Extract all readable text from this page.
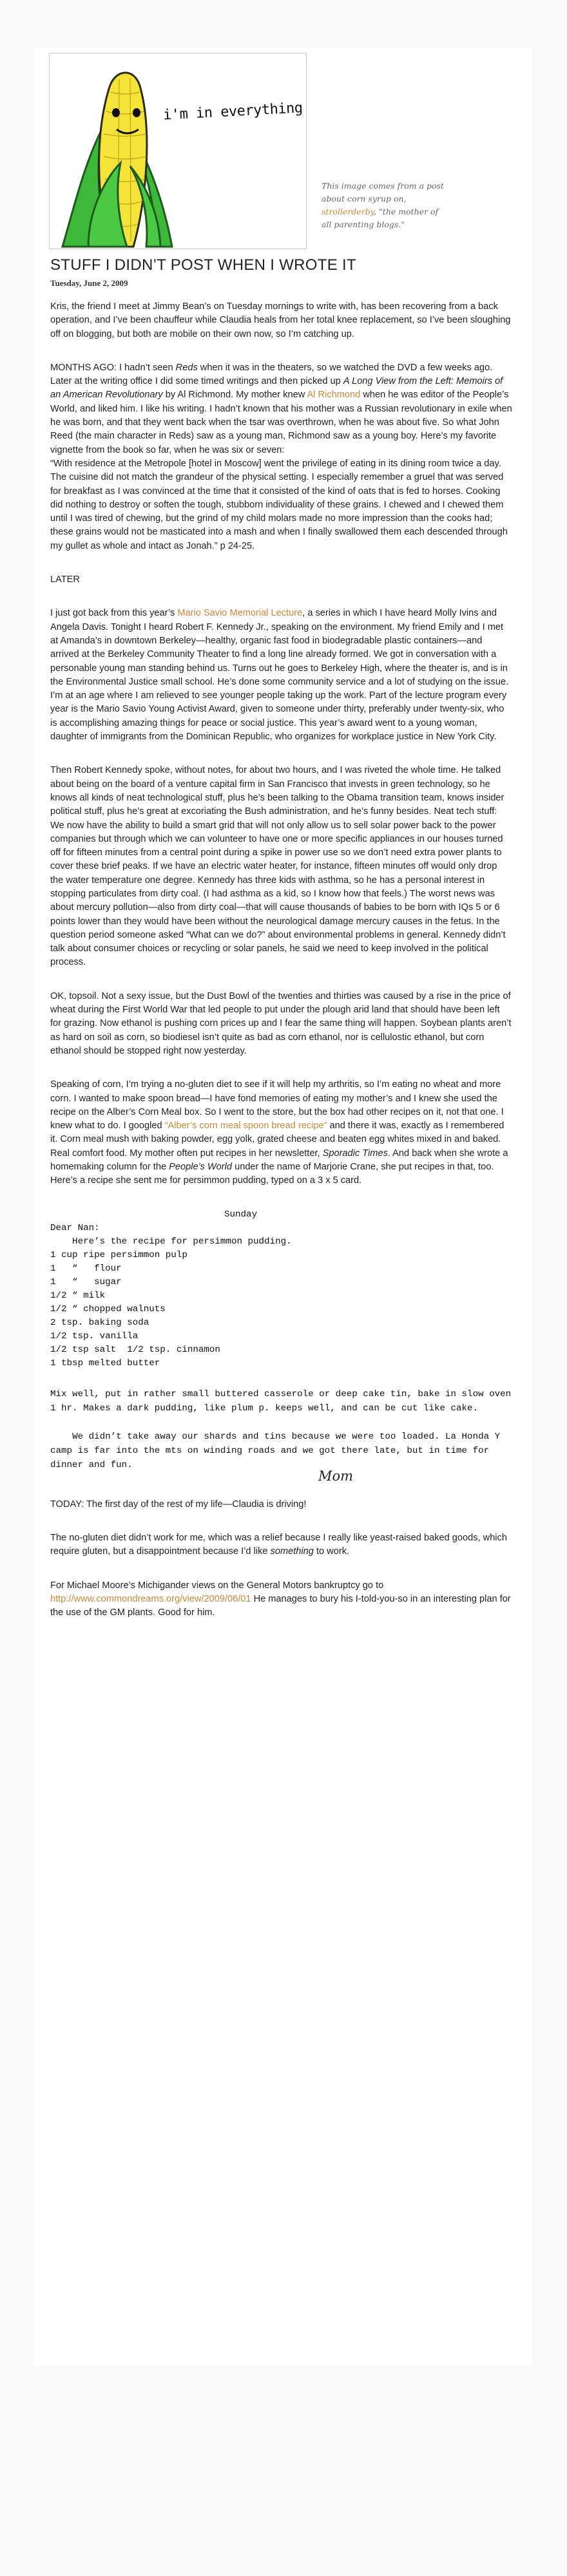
i'm in everything
This image comes from a post about corn syrup on, strollerderby, "the mother of all parenting blogs."
STUFF I DIDN’T POST WHEN I WROTE IT
Tuesday, June 2, 2009

Kris, the friend I meet at Jimmy Bean’s on Tuesday mornings to write with, has been recovering from a back operation, and I’ve been chauffeur while Claudia heals from her total knee replacement, so I’ve been sloughing off on blogging, but both are mobile on their own now, so I’m catching up.

MONTHS AGO: I hadn’t seen Reds when it was in the theaters, so we watched the DVD a few weeks ago. Later at the writing office I did some timed writings and then picked up A Long View from the Left: Memoirs of an American Revolutionary by Al Richmond. My mother knew Al Richmond when he was editor of the People’s World, and liked him. I like his writing. I hadn’t known that his mother was a Russian revolutionary in exile when he was born, and that they went back when the tsar was overthrown, when he was about five. So what John Reed (the main character in Reds) saw as a young man, Richmond saw as a young boy. Here’s my favorite vignette from the book so far, when he was six or seven:

“With residence at the Metropole [hotel in Moscow] went the privilege of eating in its dining room twice a day. The cuisine did not match the grandeur of the physical setting. I especially remember a gruel that was served for breakfast as I was convinced at the time that it consisted of the kind of oats that is fed to horses. Cooking did nothing to destroy or soften the tough, stubborn individuality of these grains. I chewed and I chewed them until I was tired of chewing, but the grind of my child molars made no more impression than the cooks had; these grains would not be masticated into a mash and when I finally swallowed them each descended through my gullet as whole and intact as Jonah.” p 24-25.

LATER

I just got back from this year’s Mario Savio Memorial Lecture, a series in which I have heard Molly Ivins and Angela Davis. Tonight I heard Robert F. Kennedy Jr., speaking on the environment. My friend Emily and I met at Amanda’s in downtown Berkeley—healthy, organic fast food in biodegradable plastic containers—and arrived at the Berkeley Community Theater to find a long line already formed. We got in conversation with a personable young man standing behind us. Turns out he goes to Berkeley High, where the theater is, and is in the Environmental Justice small school. He’s done some community service and a lot of studying on the issue. I’m at an age where I am relieved to see younger people taking up the work. Part of the lecture program every year is the Mario Savio Young Activist Award, given to someone under thirty, preferably under twenty-six, who is accomplishing amazing things for peace or social justice. This year’s award went to a young woman, daughter of immigrants from the Dominican Republic, who organizes for workplace justice in New York City.

Then Robert Kennedy spoke, without notes, for about two hours, and I was riveted the whole time. He talked about being on the board of a venture capital firm in San Francisco that invests in green technology, so he knows all kinds of neat technological stuff, plus he’s been talking to the Obama transition team, knows insider political stuff, plus he’s great at excoriating the Bush administration, and he’s funny besides. Neat tech stuff: We now have the ability to build a smart grid that will not only allow us to sell solar power back to the power companies but through which we can volunteer to have one or more specific appliances in our houses turned off for fifteen minutes from a central point during a spike in power use so we don’t need extra power plants to cover these brief peaks. If we have an electric water heater, for instance, fifteen minutes off would only drop the water temperature one degree. Kennedy has three kids with asthma, so he has a personal interest in stopping particulates from dirty coal. (I had asthma as a kid, so I know how that feels.) The worst news was about mercury pollution—also from dirty coal—that will cause thousands of babies to be born with IQs 5 or 6 points lower than they would have been without the neurological damage mercury causes in the fetus. In the question period someone asked “What can we do?” about environmental problems in general. Kennedy didn’t talk about consumer choices or recycling or solar panels, he said we need to keep involved in the political process.

OK, topsoil. Not a sexy issue, but the Dust Bowl of the twenties and thirties was caused by a rise in the price of wheat during the First World War that led people to put under the plough arid land that should have been left for grazing. Now ethanol is pushing corn prices up and I fear the same thing will happen. Soybean plants aren’t as hard on soil as corn, so biodiesel isn’t quite as bad as corn ethanol, nor is cellulostic ethanol, but corn ethanol should be stopped right now yesterday.

Speaking of corn, I’m trying a no-gluten diet to see if it will help my arthritis, so I’m eating no wheat and more corn. I wanted to make spoon bread—I have fond memories of eating my mother’s and I knew she used the recipe on the Alber’s Corn Meal box. So I went to the store, but the box had other recipes on it, not that one. I knew what to do. I googled “Alber’s corn meal spoon bread recipe” and there it was, exactly as I remembered it. Corn meal mush with baking powder, egg yolk, grated cheese and beaten egg whites mixed in and baked. Real comfort food. My mother often put recipes in her newsletter, Sporadic Times. And back when she wrote a homemaking column for the People’s World under the name of Marjorie Crane, she put recipes in that, too. Here’s a recipe she sent me for persimmon pudding, typed on a 3 x 5 card.

Sunday
Dear Nan:
Here’s the recipe for persimmon pudding.
1 cup ripe persimmon pulp
1   “   flour
1   “   sugar
1/2 “ milk
1/2 “ chopped walnuts
2 tsp. baking soda
1/2 tsp. vanilla
1/2 tsp salt  1/2 tsp. cinnamon
1 tbsp melted butter

Mix well, put in rather small buttered casserole or deep cake tin, bake in slow oven 1 hr. Makes a dark pudding, like plum p. keeps well, and can be cut like cake.

We didn’t take away our shards and tins because we were too loaded. La Honda Y camp is far into the mts on winding roads and we got there late, but in time for dinner and fun.

Mom

TODAY: The first day of the rest of my life—Claudia is driving!

The no-gluten diet didn’t work for me, which was a relief because I really like yeast-raised baked goods, which require gluten, but a disappointment because I’d like something to work.

For Michael Moore’s Michigander views on the General Motors bankruptcy go to http://www.commondreams.org/view/2009/06/01 He manages to bury his I-told-you-so in an interesting plan for the use of the GM plants. Good for him.
